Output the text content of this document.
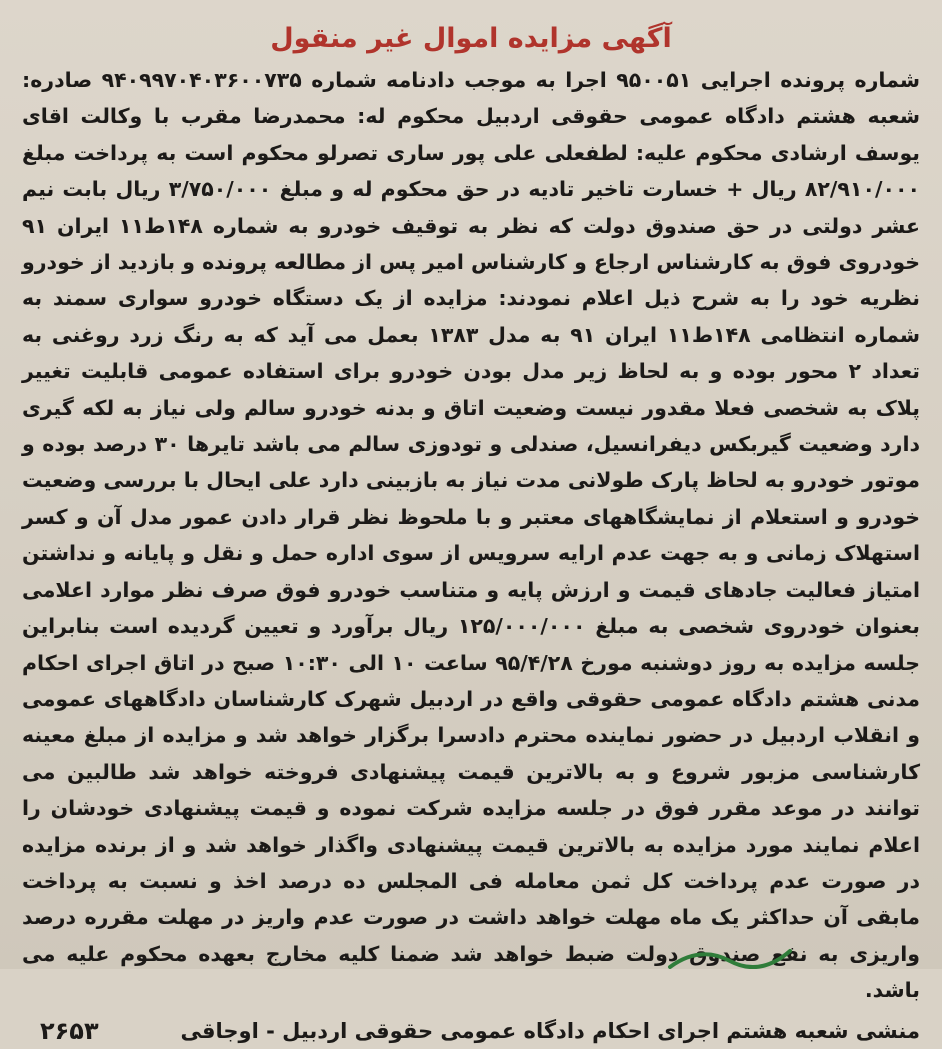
آگهی مزایده اموال غیر منقول

شماره پرونده اجرایی ۹۵۰۰۵۱ اجرا به موجب دادنامه شماره ۹۴۰۹۹۷۰۴۰۳۶۰۰۷۳۵ صادره: شعبه هشتم دادگاه عمومی حقوقی اردبیل محکوم له: محمدرضا مقرب با وکالت اقای یوسف ارشادی محکوم علیه: لطفعلی علی پور ساری تصرلو محکوم است به پرداخت مبلغ ۸۲/۹۱۰/۰۰۰ ریال + خسارت تاخیر تادیه در حق محکوم له و مبلغ ۳/۷۵۰/۰۰۰ ریال بابت نیم عشر دولتی در حق صندوق دولت که نظر به توقیف خودرو به شماره ۱۴۸ط۱۱ ایران ۹۱ خودروی فوق به کارشناس ارجاع و کارشناس امیر پس از مطالعه پرونده و بازدید از خودرو نظریه خود را به شرح ذیل اعلام نمودند: مزایده از یک دستگاه خودرو سواری سمند به شماره انتظامی ۱۴۸ط۱۱ ایران ۹۱ به مدل ۱۳۸۳ بعمل می آید که به رنگ زرد روغنی به تعداد ۲ محور بوده و به لحاظ زیر مدل بودن خودرو برای استفاده عمومی قابلیت تغییر پلاک به شخصی فعلا مقدور نیست وضعیت اتاق و بدنه خودرو سالم ولی نیاز به لکه گیری دارد وضعیت گیربکس دیفرانسیل، صندلی و تودوزی سالم می باشد تایرها ۳۰ درصد بوده و موتور خودرو به لحاظ پارک طولانی مدت نیاز به بازبینی دارد علی ایحال با بررسی وضعیت خودرو و استعلام از نمایشگاههای معتبر و با ملحوظ نظر قرار دادن عمور مدل آن و کسر استهلاک زمانی و به جهت عدم ارایه سرویس از سوی اداره حمل و نقل و پایانه و نداشتن امتیاز فعالیت جادهای قیمت و ارزش پایه و متناسب خودرو فوق صرف نظر موارد اعلامی بعنوان خودروی شخصی به مبلغ ۱۲۵/۰۰۰/۰۰۰ ریال برآورد و تعیین گردیده است بنابراین جلسه مزایده به روز دوشنبه مورخ ۹۵/۴/۲۸ ساعت ۱۰ الی ۱۰:۳۰ صبح در اتاق اجرای احکام مدنی هشتم دادگاه عمومی حقوقی واقع در اردبیل شهرک کارشناسان دادگاههای عمومی و انقلاب اردبیل در حضور نماینده محترم دادسرا برگزار خواهد شد و مزایده از مبلغ معینه کارشناسی مزبور شروع و به بالاترین قیمت پیشنهادی فروخته خواهد شد طالبین می توانند در موعد مقرر فوق در جلسه مزایده شرکت نموده و قیمت پیشنهادی خودشان را اعلام نمایند مورد مزایده به بالاترین قیمت پیشنهادی واگذار خواهد شد و از برنده مزایده در صورت عدم پرداخت کل ثمن معامله فی المجلس ده درصد اخذ و نسبت به پرداخت مابقی آن حداکثر یک ماه مهلت خواهد داشت در صورت عدم واریز در مهلت مقرره درصد واریزی به نفع صندوق دولت ضبط خواهد شد ضمنا کلیه مخارج بعهده محکوم علیه می باشد.

منشی شعبه هشتم اجرای احکام دادگاه عمومی حقوقی اردبیل - اوجاقی
۲۶۵۳
